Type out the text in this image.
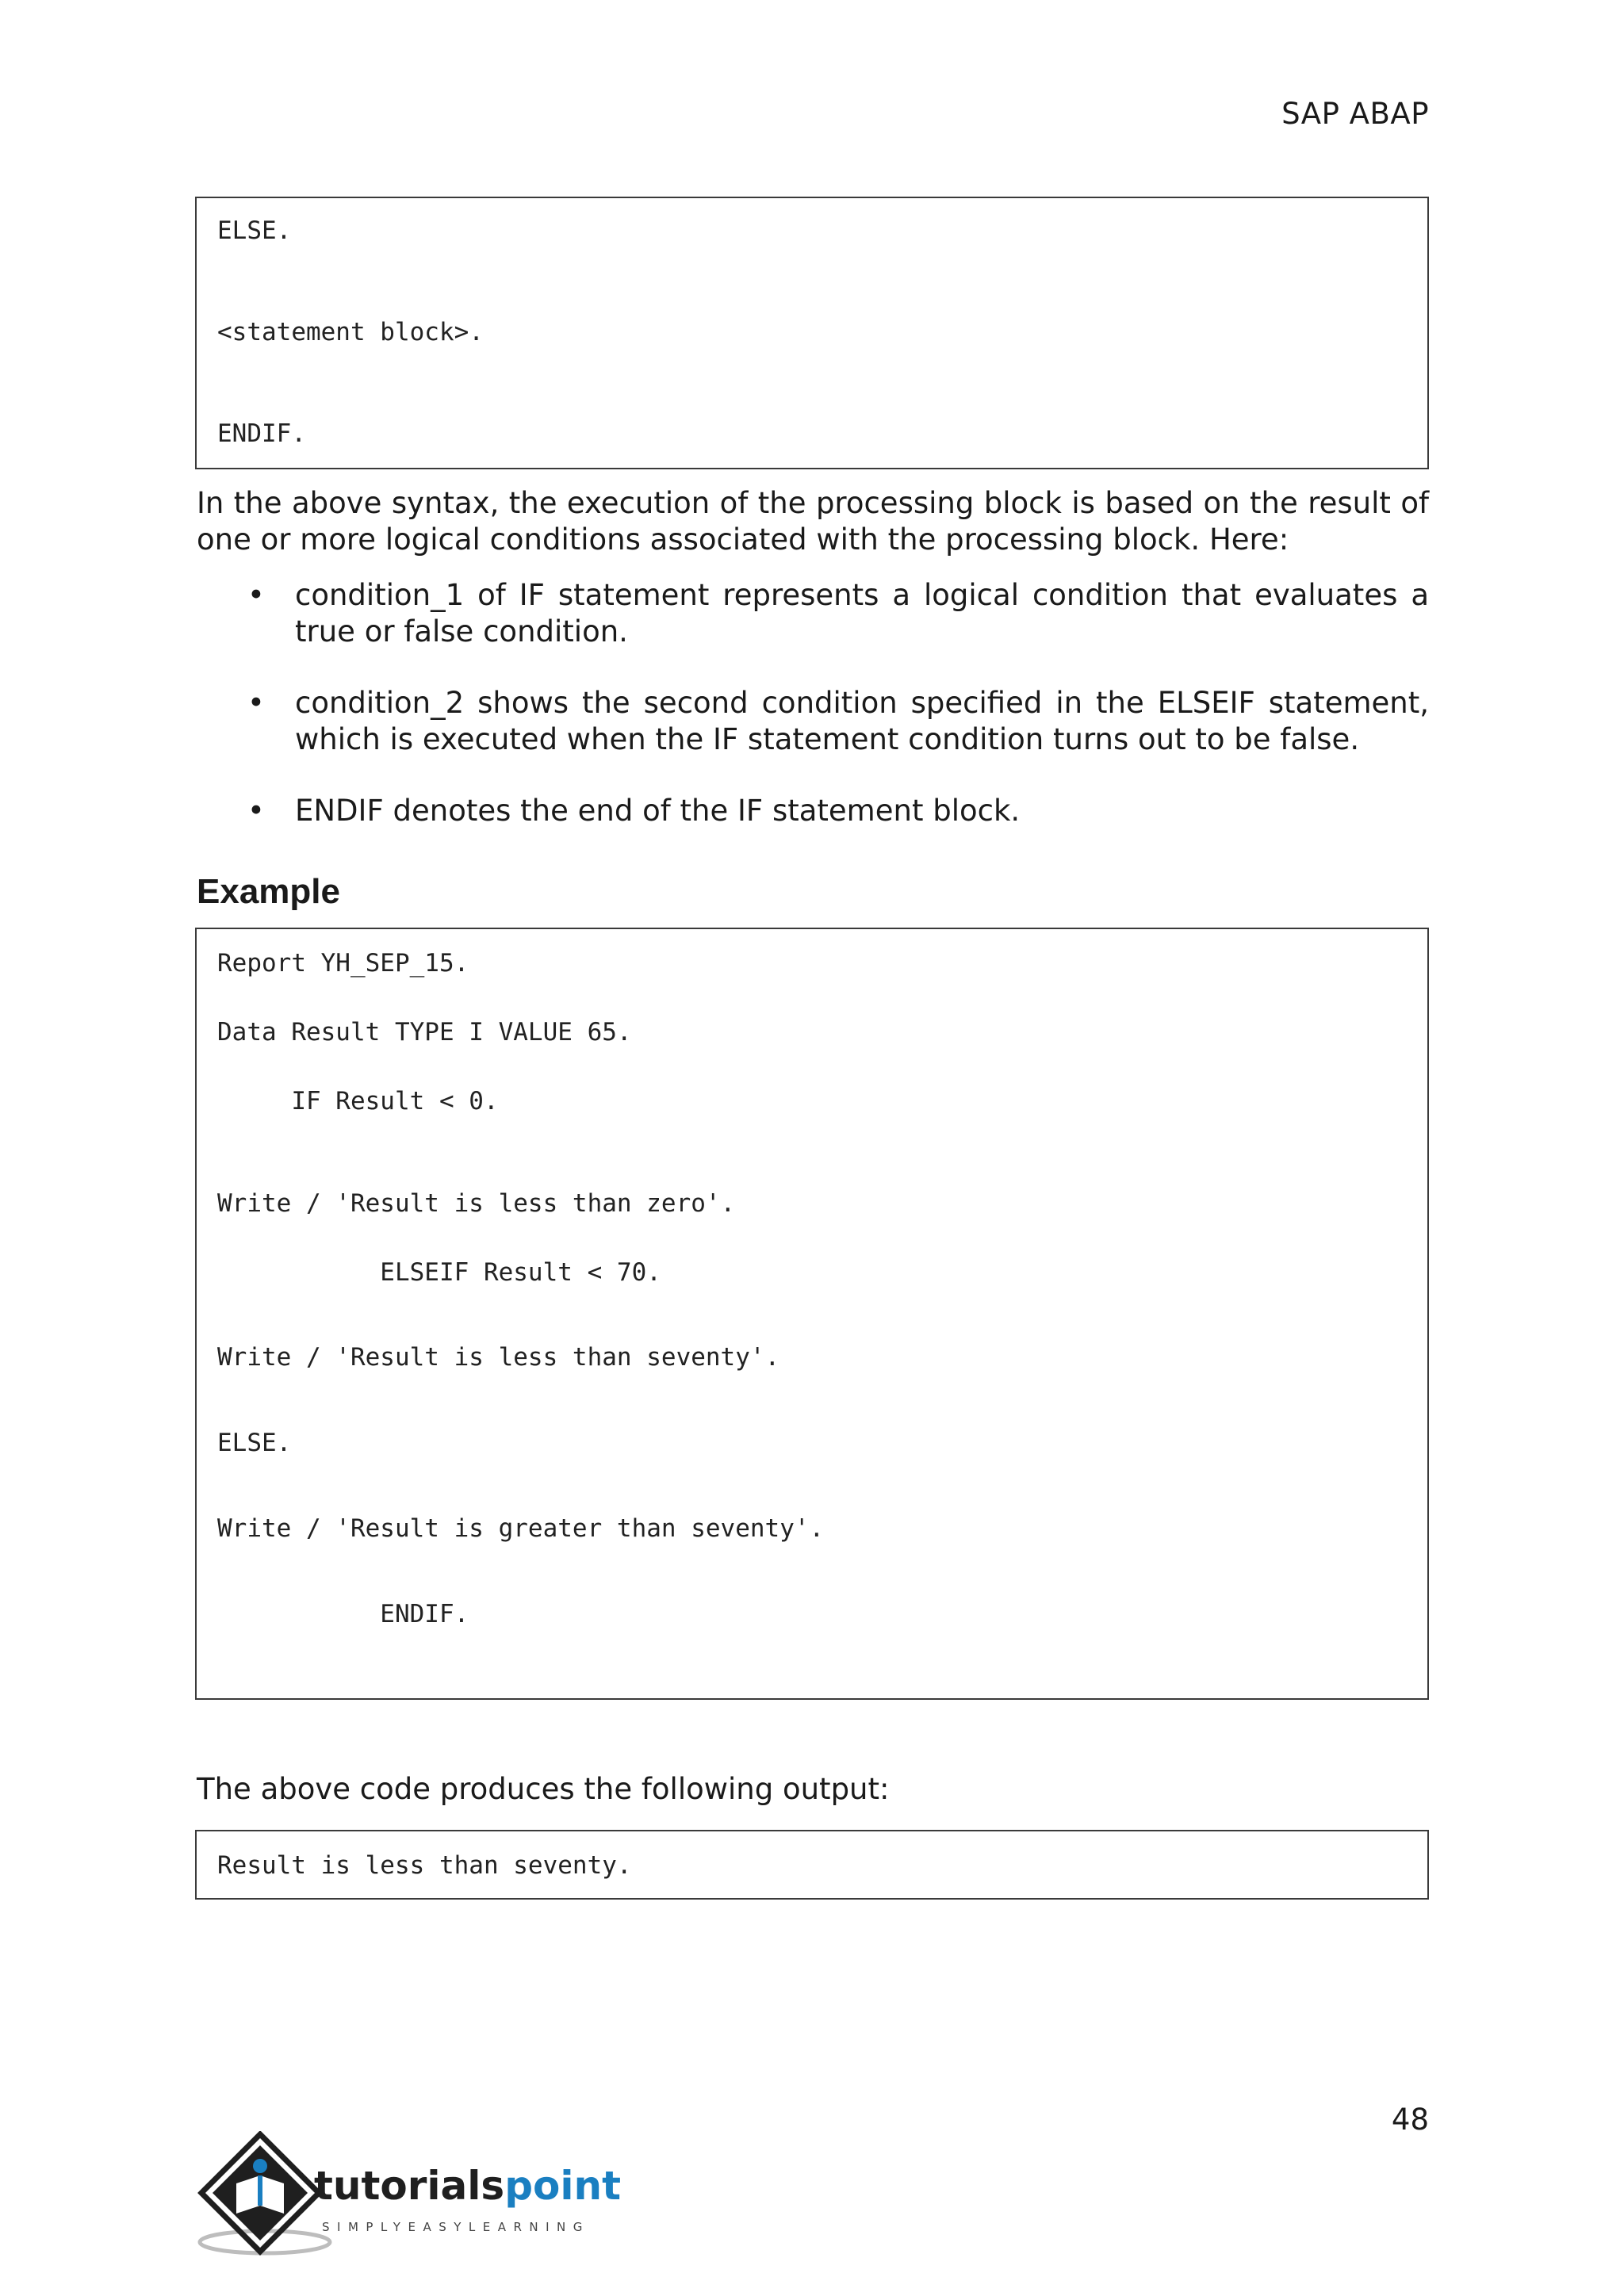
SAP ABAP
ELSE.
<statement block>.
ENDIF.
In the above syntax, the execution of the processing block is based on the result of one or more logical conditions associated with the processing block. Here:
• condition_1 of IF statement represents a logical condition that evaluates a true or false condition.
• condition_2 shows the second condition specified in the ELSEIF statement, which is executed when the IF statement condition turns out to be false.
• ENDIF denotes the end of the IF statement block.
Example
Report YH_SEP_15.
Data Result TYPE I VALUE 65.
IF Result < 0.
Write / 'Result is less than zero'.
ELSEIF Result < 70.
Write / 'Result is less than seventy'.
ELSE.
Write / 'Result is greater than seventy'.
ENDIF.
The above code produces the following output:
Result is less than seventy.
48
tutorialspoint
SIMPLYEASYLEARNING
